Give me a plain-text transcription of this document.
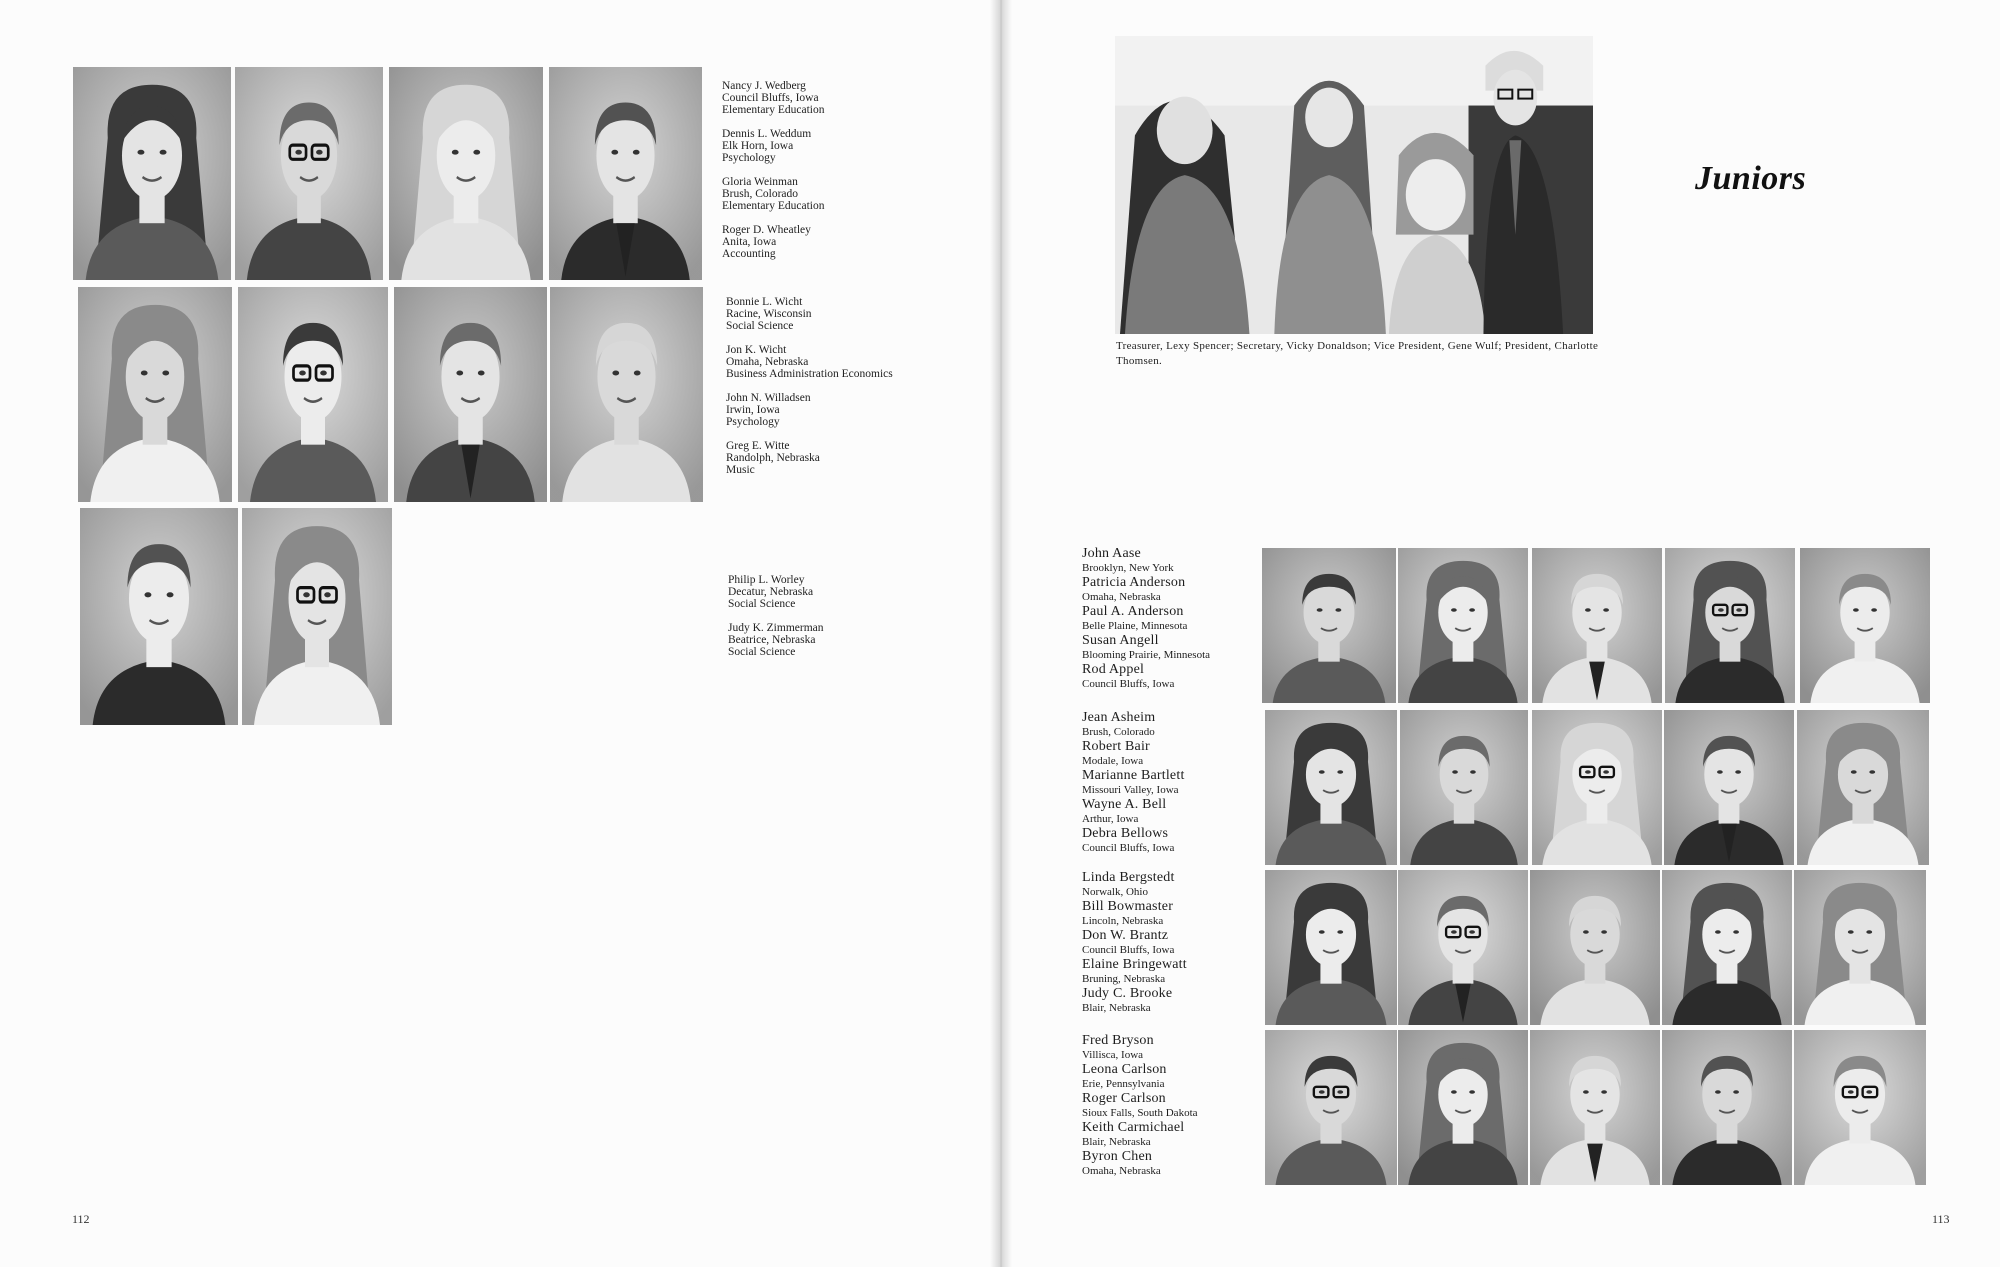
Nancy J. Wedberg
Council Bluffs, Iowa
Elementary Education
Dennis L. Weddum
Elk Horn, Iowa
Psychology
Gloria Weinman
Brush, Colorado
Elementary Education
Roger D. Wheatley
Anita, Iowa
Accounting
Bonnie L. Wicht
Racine, Wisconsin
Social Science
Jon K. Wicht
Omaha, Nebraska
Business Administration Economics
John N. Willadsen
Irwin, Iowa
Psychology
Greg E. Witte
Randolph, Nebraska
Music
Philip L. Worley
Decatur, Nebraska
Social Science
Judy K. Zimmerman
Beatrice, Nebraska
Social Science
112
Juniors
Treasurer, Lexy Spencer; Secretary, Vicky Donaldson; Vice President, Gene Wulf; President, Charlotte Thomsen.
John Aase
Brooklyn, New York
Patricia Anderson
Omaha, Nebraska
Paul A. Anderson
Belle Plaine, Minnesota
Susan Angell
Blooming Prairie, Minnesota
Rod Appel
Council Bluffs, Iowa
Jean Asheim
Brush, Colorado
Robert Bair
Modale, Iowa
Marianne Bartlett
Missouri Valley, Iowa
Wayne A. Bell
Arthur, Iowa
Debra Bellows
Council Bluffs, Iowa
Linda Bergstedt
Norwalk, Ohio
Bill Bowmaster
Lincoln, Nebraska
Don W. Brantz
Council Bluffs, Iowa
Elaine Bringewatt
Bruning, Nebraska
Judy C. Brooke
Blair, Nebraska
Fred Bryson
Villisca, Iowa
Leona Carlson
Erie, Pennsylvania
Roger Carlson
Sioux Falls, South Dakota
Keith Carmichael
Blair, Nebraska
Byron Chen
Omaha, Nebraska
113
